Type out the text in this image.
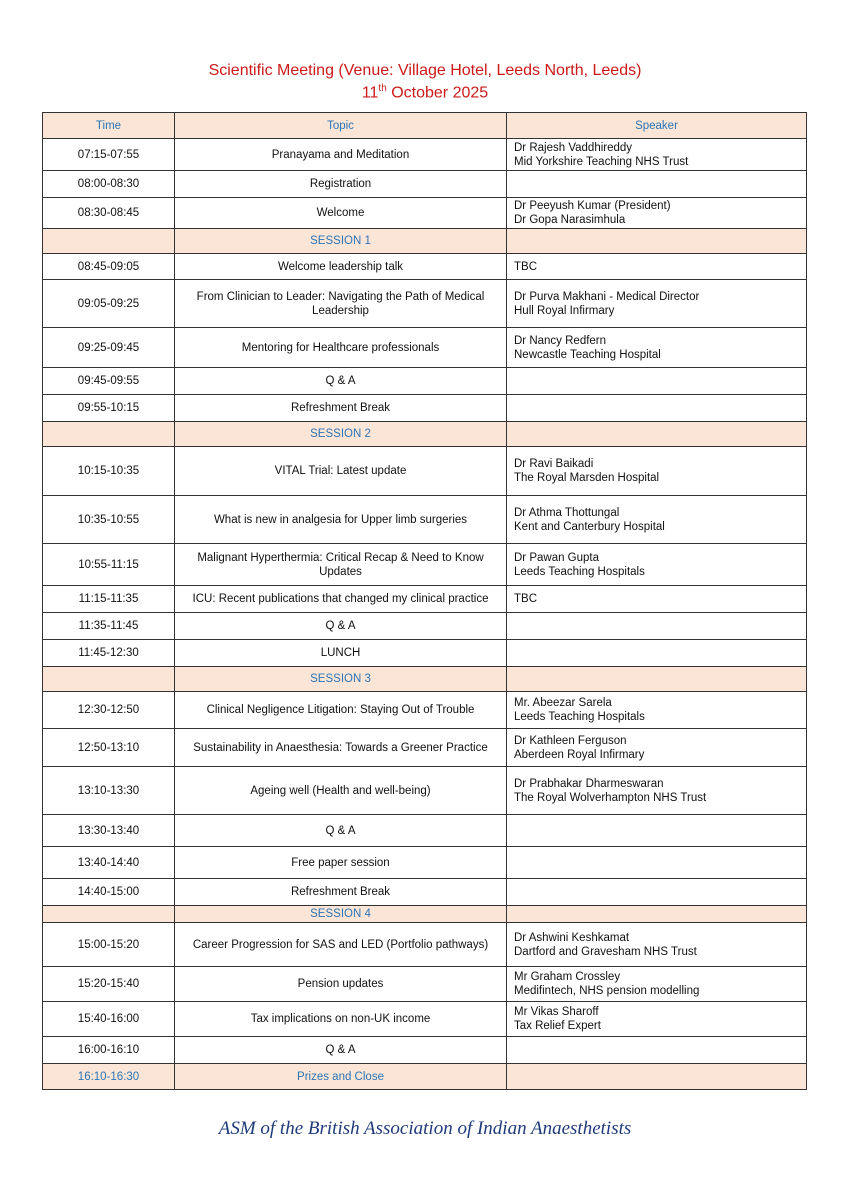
Scientific Meeting (Venue: Village Hotel, Leeds North, Leeds)
11th October 2025
Time	Topic	Speaker
07:15-07:55	Pranayama and Meditation	Dr Rajesh Vaddhireddy
Mid Yorkshire Teaching NHS Trust

08:00-08:30	Registration	
08:30-08:45	Welcome	Dr Peeyush Kumar (President)
Dr Gopa Narasimhula

	SESSION 1	
08:45-09:05	Welcome leadership talk	TBC

09:05-09:25	From Clinician to Leader: Navigating the Path of Medical Leadership	Dr Purva Makhani - Medical Director
Hull Royal Infirmary

09:25-09:45	Mentoring for Healthcare professionals	Dr Nancy Redfern
Newcastle Teaching Hospital

09:45-09:55	Q & A	
09:55-10:15	Refreshment Break	
	SESSION 2	
10:15-10:35	VITAL Trial: Latest update	Dr Ravi Baikadi
The Royal Marsden Hospital

10:35-10:55	What is new in analgesia for Upper limb surgeries	Dr Athma Thottungal
Kent and Canterbury Hospital

10:55-11:15	Malignant Hyperthermia: Critical Recap & Need to Know Updates	Dr Pawan Gupta
Leeds Teaching Hospitals

11:15-11:35	ICU: Recent publications that changed my clinical practice	TBC

11:35-11:45	Q & A	
11:45-12:30	LUNCH	
	SESSION 3	
12:30-12:50	Clinical Negligence Litigation: Staying Out of Trouble	Mr. Abeezar Sarela
Leeds Teaching Hospitals

12:50-13:10	Sustainability in Anaesthesia: Towards a Greener Practice	Dr Kathleen Ferguson
Aberdeen Royal Infirmary

13:10-13:30	Ageing well (Health and well-being)	Dr Prabhakar Dharmeswaran
The Royal Wolverhampton NHS Trust

13:30-13:40	Q & A	
13:40-14:40	Free paper session	
14:40-15:00	Refreshment Break	
	SESSION 4	
15:00-15:20	Career Progression for SAS and LED (Portfolio pathways)	Dr Ashwini Keshkamat
Dartford and Gravesham NHS Trust

15:20-15:40	Pension updates	Mr Graham Crossley
Medifintech, NHS pension modelling

15:40-16:00	Tax implications on non-UK income	Mr Vikas Sharoff
Tax Relief Expert

16:00-16:10	Q & A	
16:10-16:30	Prizes and Close	
ASM of the British Association of Indian Anaesthetists
